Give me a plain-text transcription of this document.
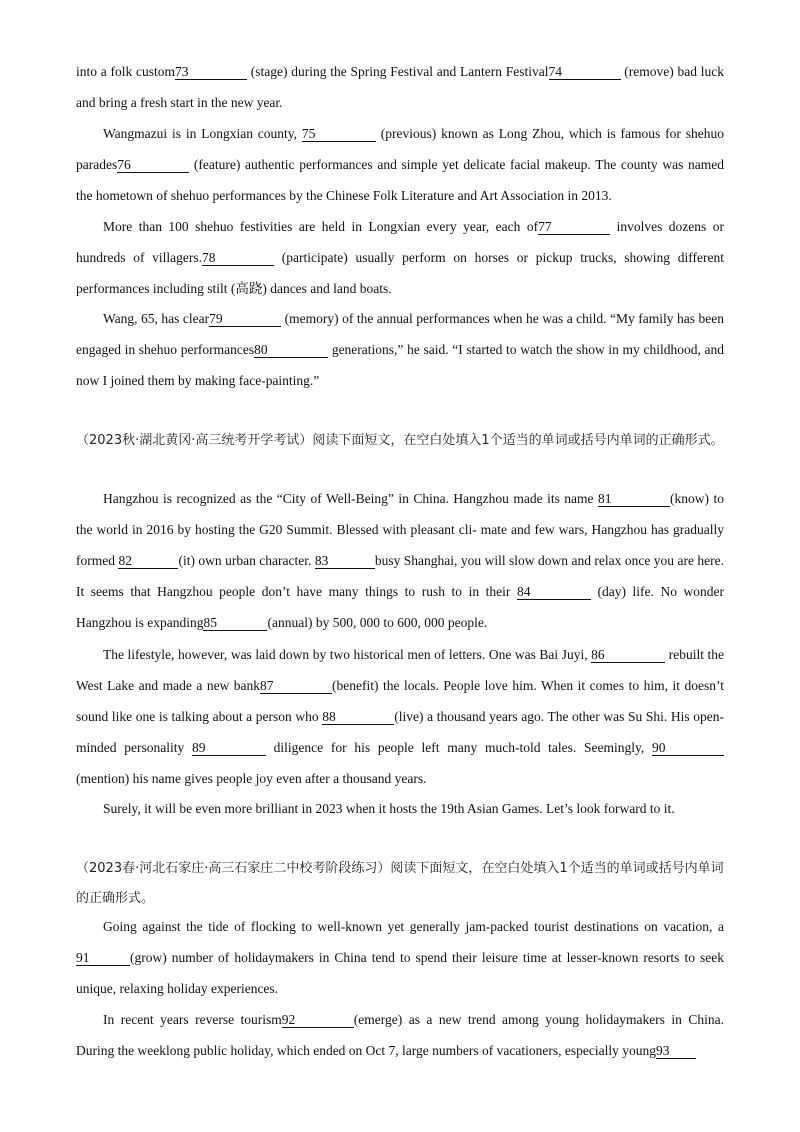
into a folk custom73	(stage) during the Spring Festival and Lantern Festival74	(remove) bad luck and bring a fresh start in the new year.

Wangmazui is in Longxian county, 75	(previous) known as Long Zhou, which is famous for shehuo parades76	(feature) authentic performances and simple yet delicate facial makeup. The county was named the hometown of shehuo performances by the Chinese Folk Literature and Art Association in 2013.

More than 100 shehuo festivities are held in Longxian every year, each of77	involves dozens or hundreds of villagers.78	(participate) usually perform on horses or pickup trucks, showing different performances including stilt (高跷) dances and land boats.

Wang, 65, has clear79	(memory) of the annual performances when he was a child. “My family has been engaged in shehuo performances80	generations,” he said. “I started to watch the show in my childhood, and now I joined them by making face-painting.”

（2023秋·湖北黄冈·高三统考开学考试）阅读下面短文，在空白处填入1个适当的单词或括号内单词的正确形式。

Hangzhou is recognized as the “City of Well-Being” in China. Hangzhou made its name 81	(know) to the world in 2016 by hosting the G20 Summit. Blessed with pleasant cli- mate and few wars, Hangzhou has gradually formed 82	(it) own urban character. 83	busy Shanghai, you will slow down and relax once you are here. It seems that Hangzhou people don’t have many things to rush to in their 84	(day) life. No wonder Hangzhou is expanding85	(annual) by 500, 000 to 600, 000 people.

The lifestyle, however, was laid down by two historical men of letters. One was Bai Juyi, 86	rebuilt the West Lake and made a new bank87	(benefit) the locals. People love him. When it comes to him, it doesn’t sound like one is talking about a person who 88	(live) a thousand years ago. The other was Su Shi. His open-minded personality 89	diligence for his people left many much-told tales. Seemingly, 90(mention) his name gives people joy even after a thousand years.

Surely, it will be even more brilliant in 2023 when it hosts the 19th Asian Games. Let’s look forward to it.

（2023春·河北石家庄·高三石家庄二中校考阶段练习）阅读下面短文，在空白处填入1个适当的单词或括号内单词的正确形式。

Going against the tide of flocking to well-known yet generally jam-packed tourist destinations on vacation, a91	(grow) number of holidaymakers in China tend to spend their leisure time at lesser-known resorts to seek unique, relaxing holiday experiences.

In recent years reverse tourism92	(emerge) as a new trend among young holidaymakers in China. During the weeklong public holiday, which ended on Oct 7, large numbers of vacationers, especially young93
